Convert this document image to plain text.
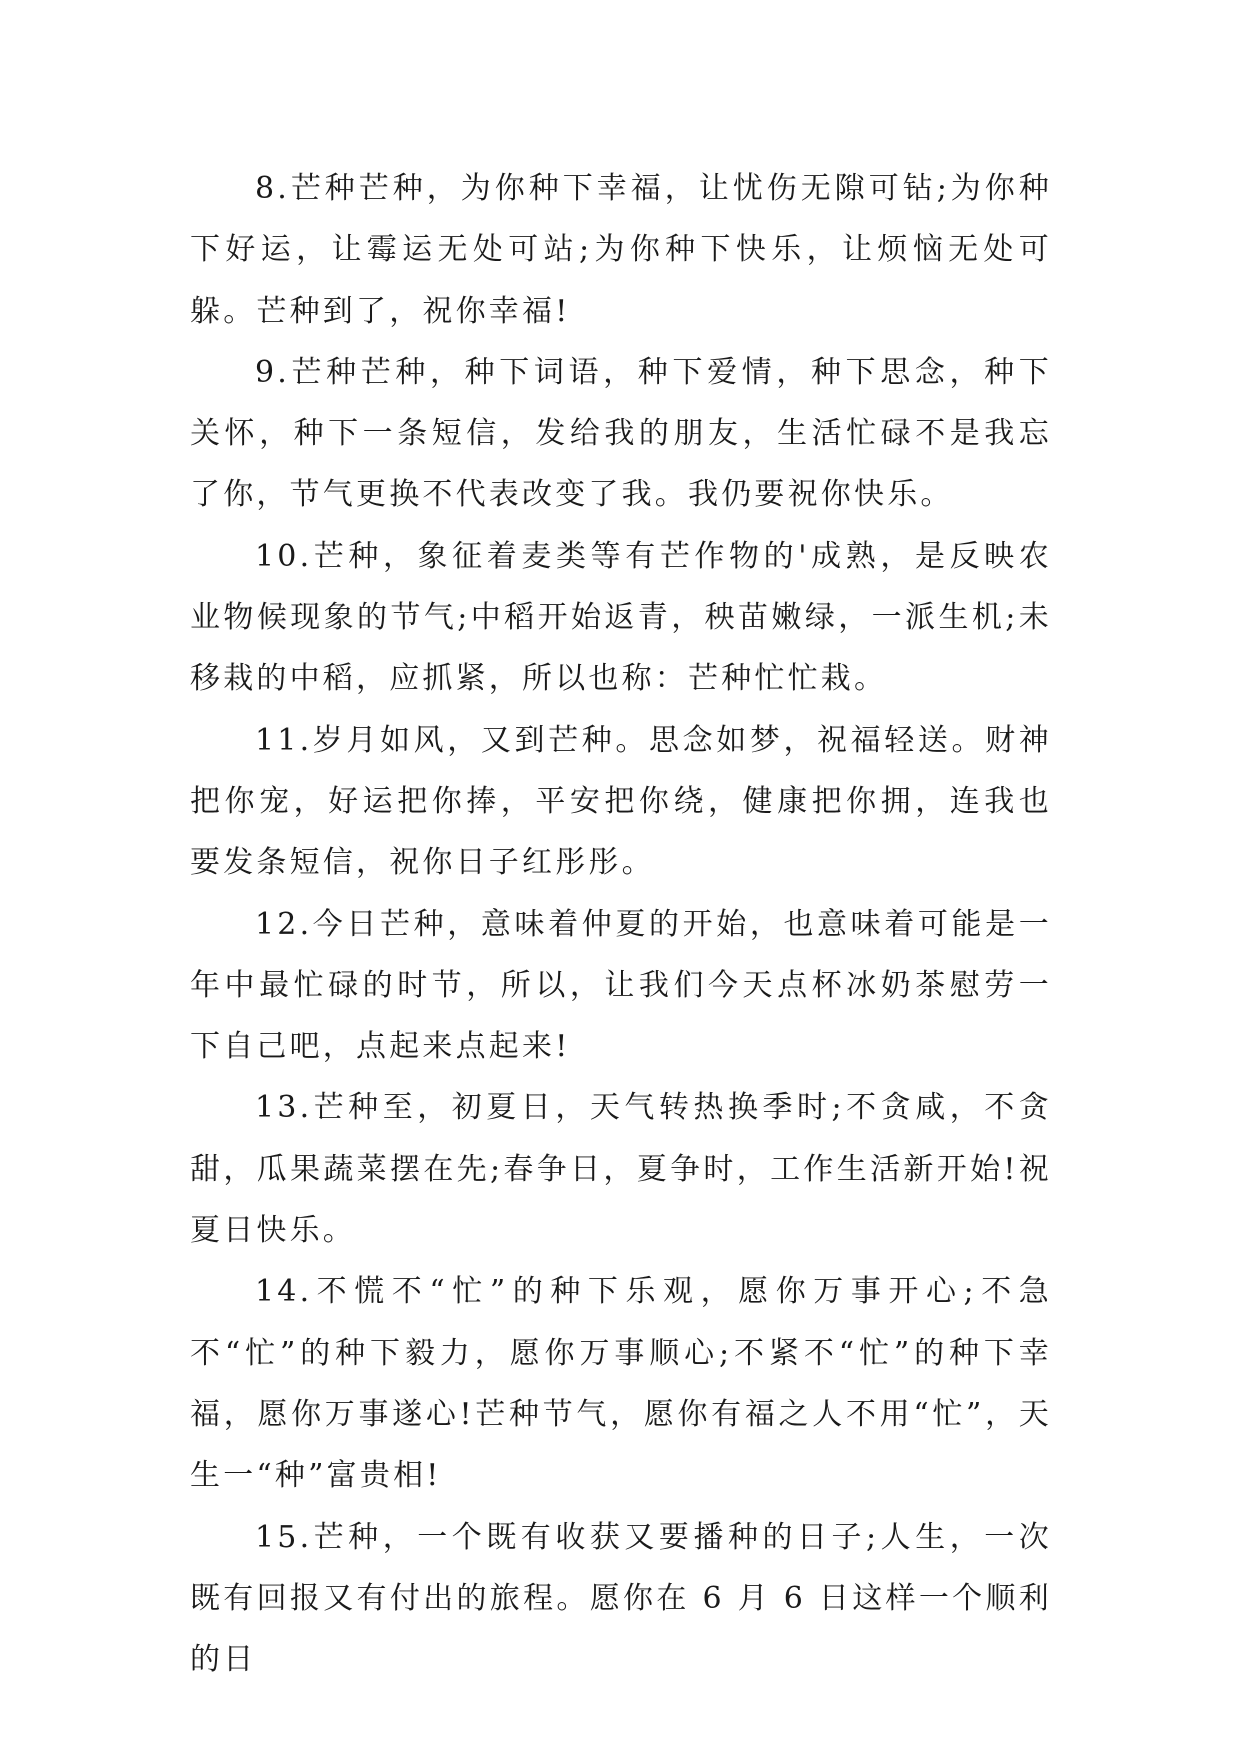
8.芒种芒种，为你种下幸福，让忧伤无隙可钻;为你种下好运，让霉运无处可站;为你种下快乐，让烦恼无处可躲。芒种到了，祝你幸福!

9.芒种芒种，种下词语，种下爱情，种下思念，种下关怀，种下一条短信，发给我的朋友，生活忙碌不是我忘了你，节气更换不代表改变了我。我仍要祝你快乐。

10.芒种，象征着麦类等有芒作物的'成熟，是反映农业物候现象的节气;中稻开始返青，秧苗嫩绿，一派生机;未移栽的中稻，应抓紧，所以也称：芒种忙忙栽。

11.岁月如风，又到芒种。思念如梦，祝福轻送。财神把你宠，好运把你捧，平安把你绕，健康把你拥，连我也要发条短信，祝你日子红彤彤。

12.今日芒种，意味着仲夏的开始，也意味着可能是一年中最忙碌的时节，所以，让我们今天点杯冰奶茶慰劳一下自己吧，点起来点起来!

13.芒种至，初夏日，天气转热换季时;不贪咸，不贪甜，瓜果蔬菜摆在先;春争日，夏争时，工作生活新开始!祝夏日快乐。

14.不慌不“忙”的种下乐观，愿你万事开心;不急不“忙”的种下毅力，愿你万事顺心;不紧不“忙”的种下幸福，愿你万事遂心!芒种节气，愿你有福之人不用“忙”，天生一“种”富贵相!

15.芒种，一个既有收获又要播种的日子;人生，一次既有回报又有付出的旅程。愿你在 6 月 6 日这样一个顺利的日
